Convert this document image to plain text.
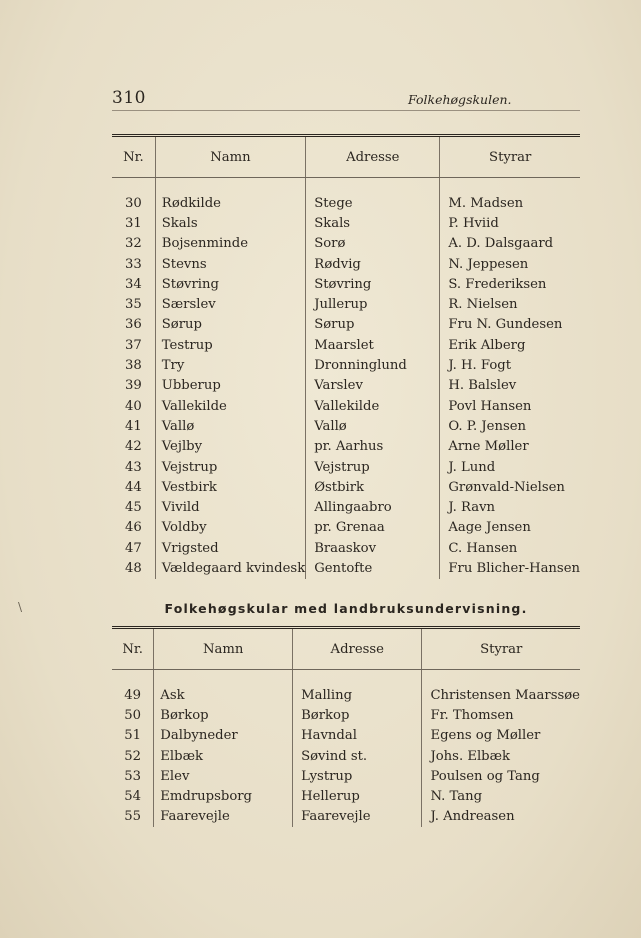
310	Folkehøgskulen.
Nr.	Namn	Adresse	Styrar

30	Rødkilde	Stege	M. Madsen
31	Skals	Skals	P. Hviid
32	Bojsenminde	Sorø	A. D. Dalsgaard
33	Stevns	Rødvig	N. Jeppesen
34	Støvring	Støvring	S. Frederiksen
35	Særslev	Jullerup	R. Nielsen
36	Sørup	Sørup	Fru N. Gundesen
37	Testrup	Maarslet	Erik Alberg
38	Try	Dronninglund	J. H. Fogt
39	Ubberup	Varslev	H. Balslev
40	Vallekilde	Vallekilde	Povl Hansen
41	Vallø	Vallø	O. P. Jensen
42	Vejlby	pr. Aarhus	Arne Møller
43	Vejstrup	Vejstrup	J. Lund
44	Vestbirk	Østbirk	Grønvald-Nielsen
45	Vivild	Allingaabro	J. Ravn
46	Voldby	pr. Grenaa	Aage Jensen
47	Vrigsted	Braaskov	C. Hansen
48	Vældegaard kvindesk	Gentofte	Fru Blicher-Hansen
\	Folkehøgskular med landbruksundervisning.
Nr.	Namn	Adresse	Styrar

49	Ask	Malling	Christensen Maarssøe
50	Børkop	Børkop	Fr. Thomsen
51	Dalbyneder	Havndal	Egens og Møller
52	Elbæk	Søvind st.	Johs. Elbæk
53	Elev	Lystrup	Poulsen og Tang
54	Emdrupsborg	Hellerup	N. Tang
55	Faarevejle	Faarevejle	J. Andreasen
